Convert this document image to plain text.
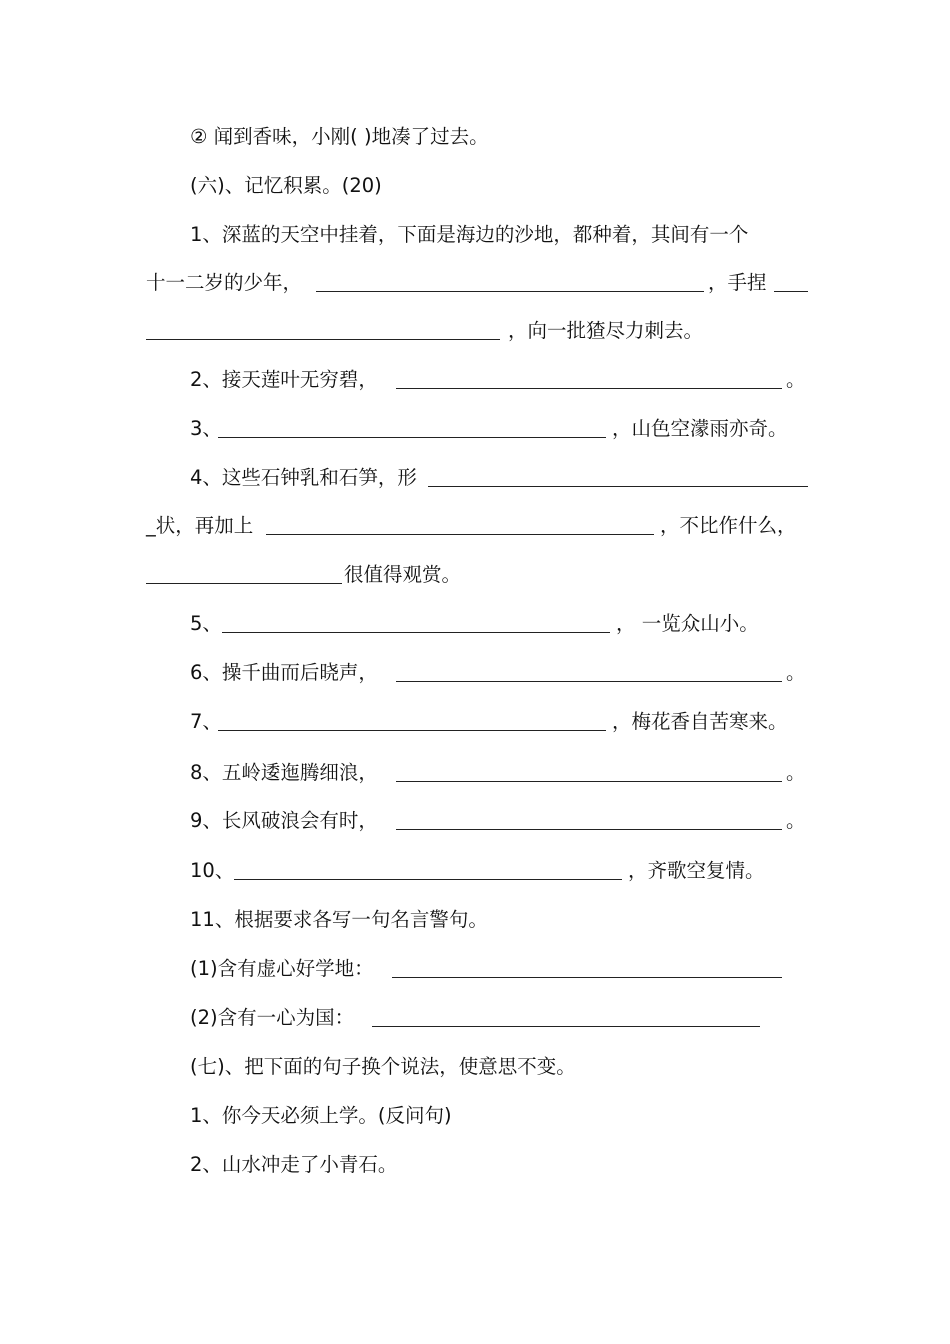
② 闻到香味，小刚( )地凑了过去。
(六)、记忆积累。(20)
1、深蓝的天空中挂着，下面是海边的沙地，都种着，其间有一个
十一二岁的少年，	，手捏
，向一批猹尽力刺去。
2、接天莲叶无穷碧，	。
3、	，山色空濛雨亦奇。
4、这些石钟乳和石笋，形
_状，再加上	，不比作什么，
很值得观赏。
5、	， 一览众山小。
6、操千曲而后晓声，	。
7、	，梅花香自苦寒来。
8、五岭逶迤腾细浪，	。
9、长风破浪会有时，	。
10、	，齐歌空复情。
11、根据要求各写一句名言警句。
(1)含有虚心好学地：
(2)含有一心为国：
(七)、把下面的句子换个说法，使意思不变。
1、你今天必须上学。(反问句)
2、山水冲走了小青石。
